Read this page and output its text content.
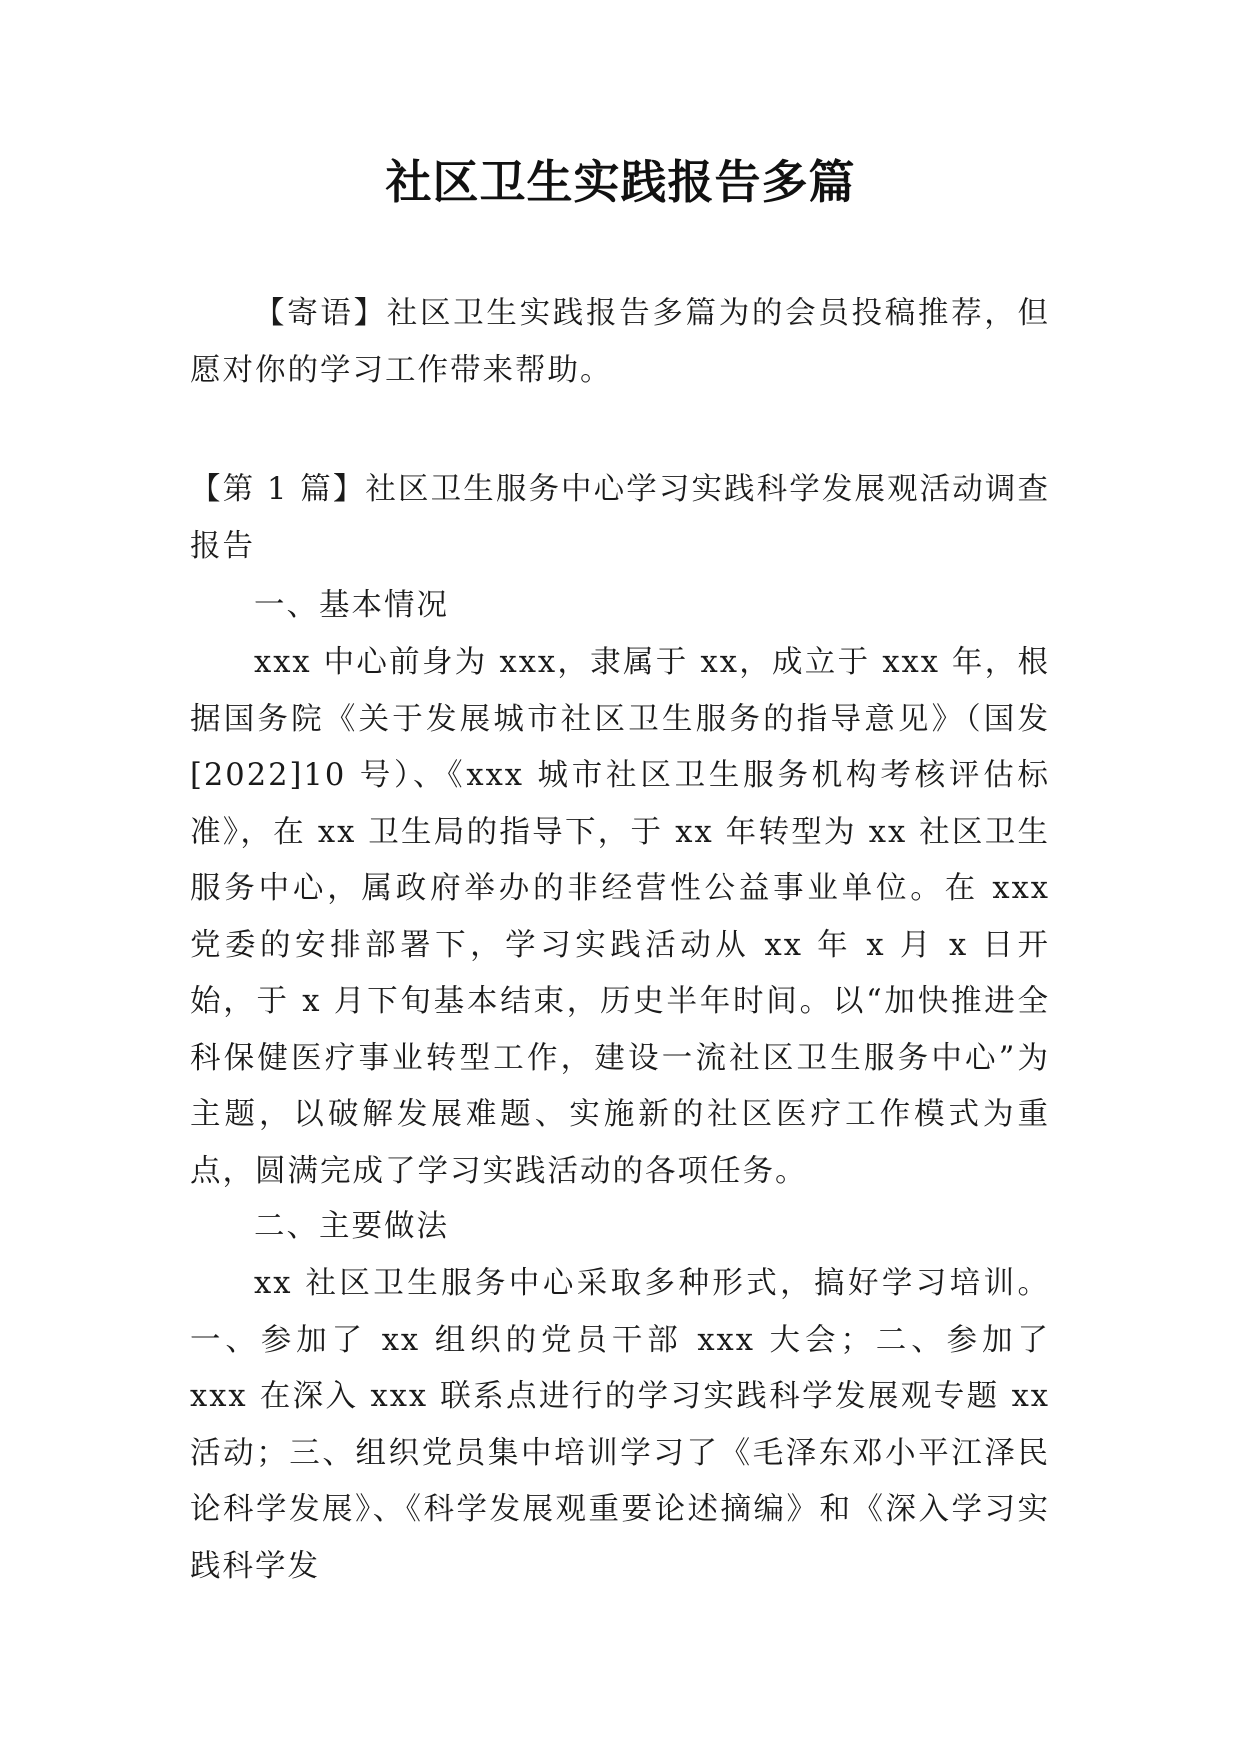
社区卫生实践报告多篇

【寄语】社区卫生实践报告多篇为的会员投稿推荐，但愿对你的学习工作带来帮助。

【第 1 篇】社区卫生服务中心学习实践科学发展观活动调查报告

一、基本情况

xxx 中心前身为 xxx，隶属于 xx，成立于 xxx 年，根据国务院《关于发展城市社区卫生服务的指导意见》（国发[2022]10 号）、《xxx 城市社区卫生服务机构考核评估标准》，在 xx 卫生局的指导下，于 xx 年转型为 xx 社区卫生服务中心，属政府举办的非经营性公益事业单位。在 xxx 党委的安排部署下，学习实践活动从 xx 年 x 月 x 日开始，于 x 月下旬基本结束，历史半年时间。以“加快推进全科保健医疗事业转型工作，建设一流社区卫生服务中心”为主题，以破解发展难题、实施新的社区医疗工作模式为重点，圆满完成了学习实践活动的各项任务。

二、主要做法

xx 社区卫生服务中心采取多种形式，搞好学习培训。一、参加了 xx 组织的党员干部 xxx 大会；二、参加了 xxx 在深入 xxx 联系点进行的学习实践科学发展观专题 xx 活动；三、组织党员集中培训学习了《毛泽东邓小平江泽民论科学发展》、《科学发展观重要论述摘编》和《深入学习实践科学发
